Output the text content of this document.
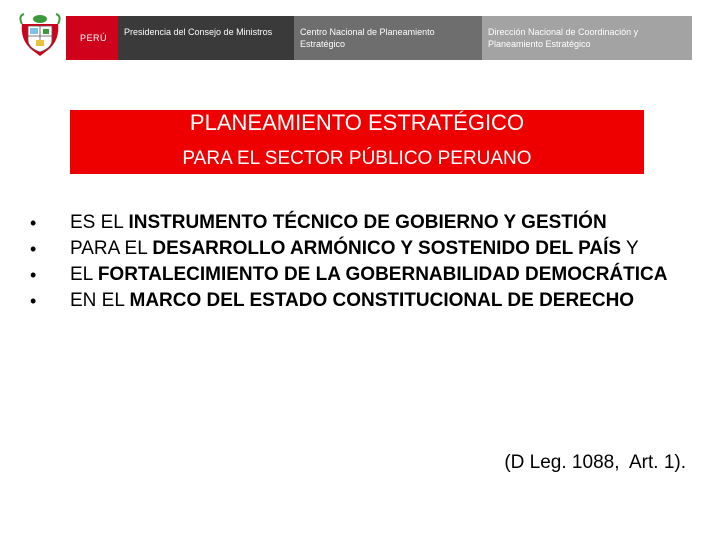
PERÚ
Presidencia del Consejo de Ministros	Centro Nacional de Planeamiento Estratégico
Dirección Nacional de Coordinación y Planeamiento Estratégico
PLANEAMIENTO ESTRATÉGICO
PARA EL SECTOR PÚBLICO PERUANO
• ES EL INSTRUMENTO TÉCNICO DE GOBIERNO Y GESTIÓN
• PARA EL DESARROLLO ARMÓNICO Y SOSTENIDO DEL PAÍS Y
• EL FORTALECIMIENTO DE LA GOBERNABILIDAD DEMOCRÁTICA
• EN EL MARCO DEL ESTADO CONSTITUCIONAL DE DERECHO
(D Leg. 1088,  Art. 1).
